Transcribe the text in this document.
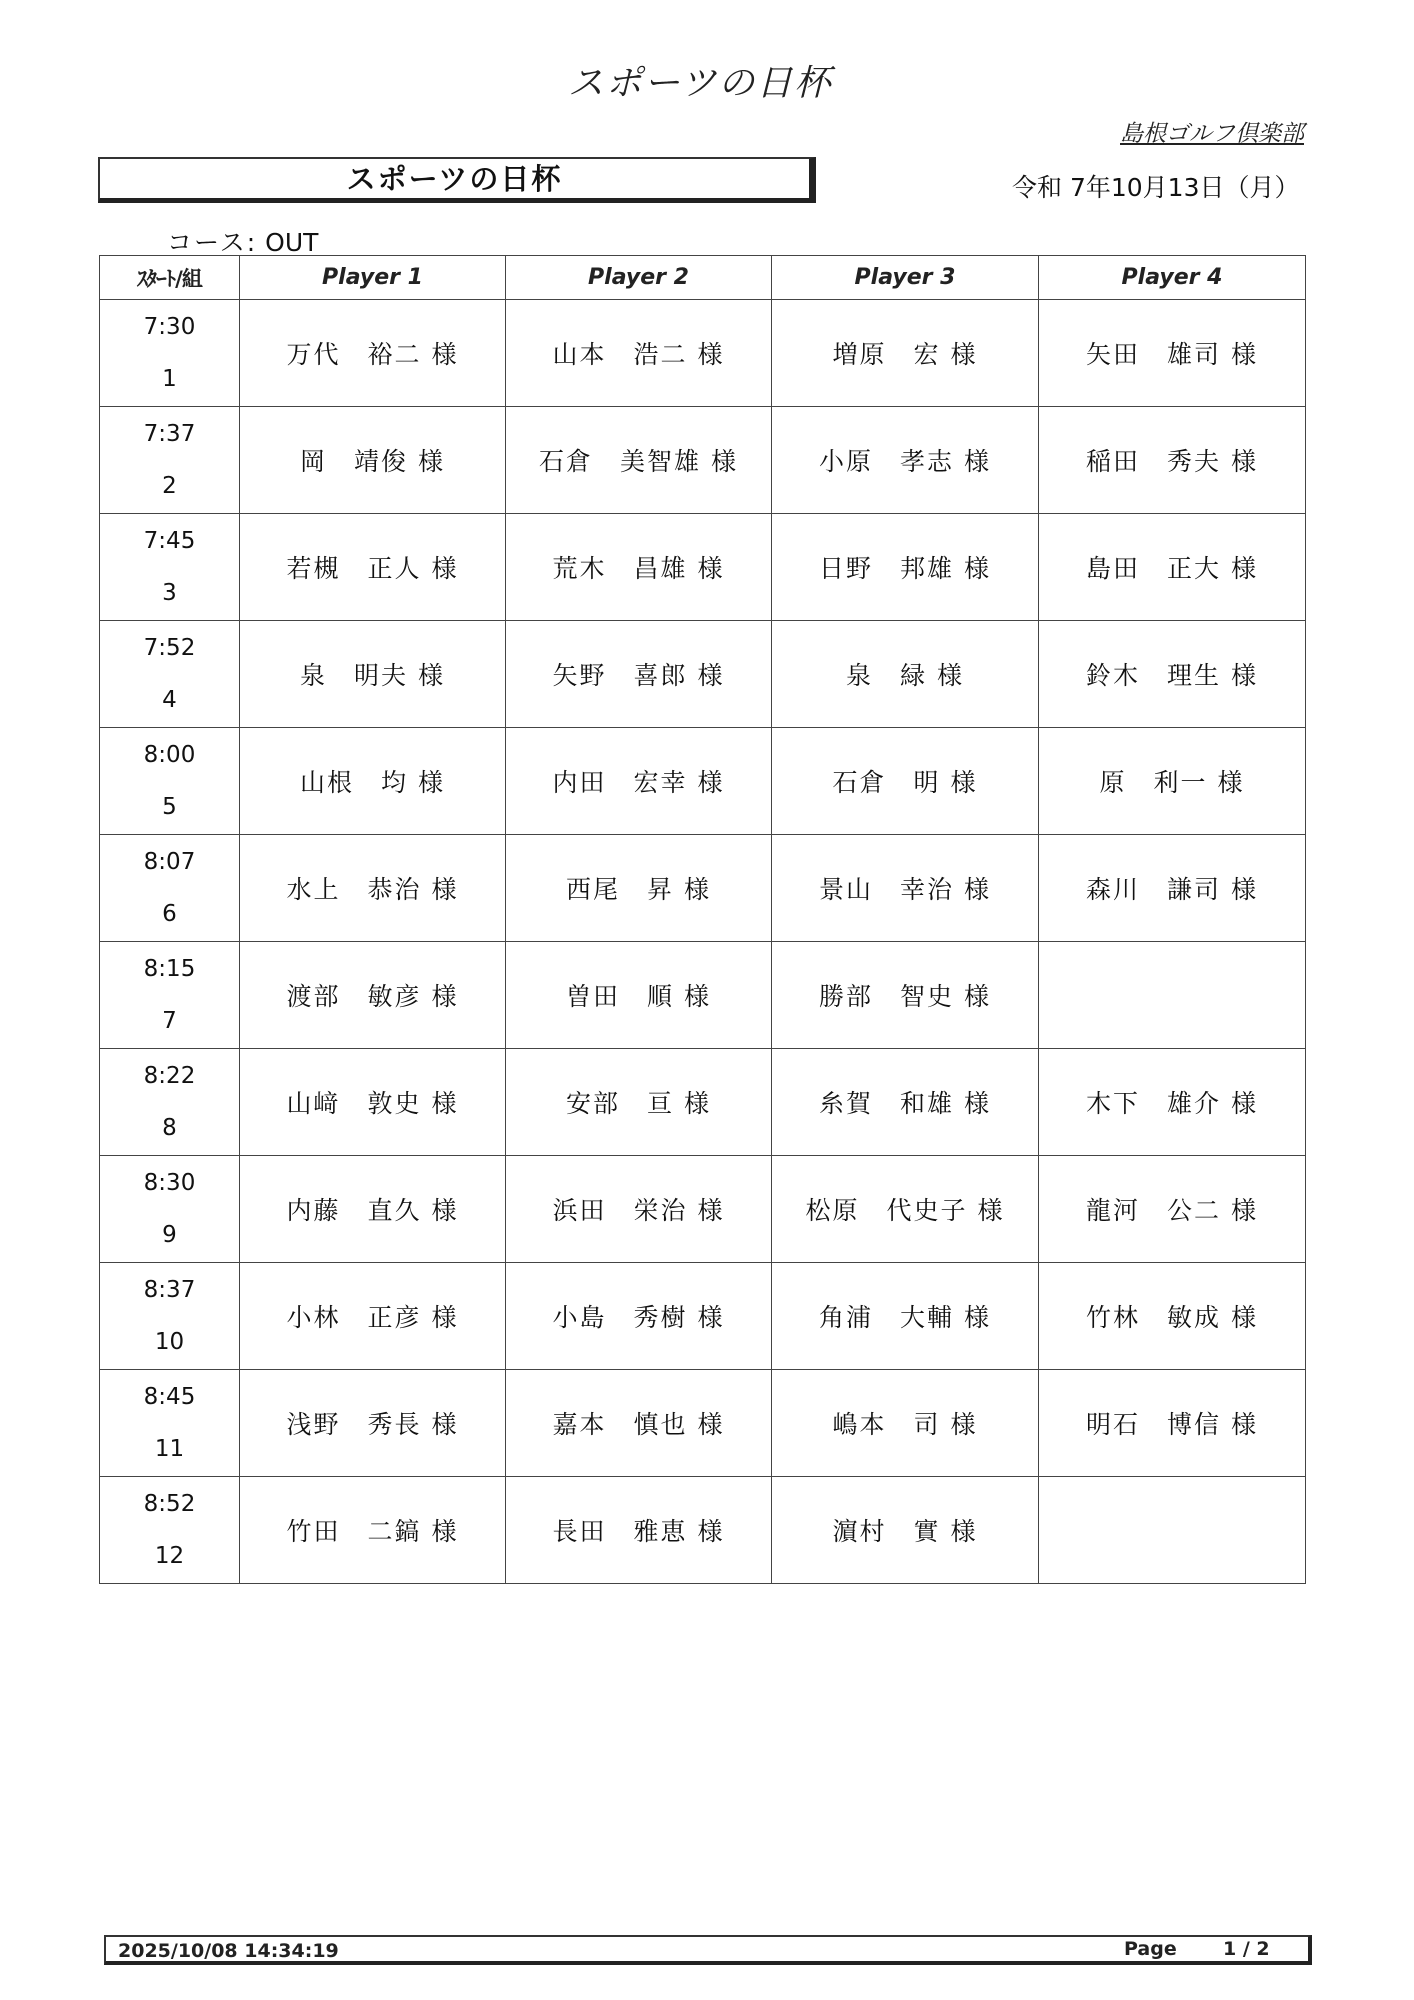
スポーツの日杯
島根ゴルフ倶楽部
スポーツの日杯	令和 7年10月13日（月）
コース: OUT
ｽﾀｰﾄ/組	Player 1	Player 2	Player 3	Player 4

7:30
1	万代　裕二 様	山本　浩二 様	増原　宏 様	矢田　雄司 様

7:37
2	岡　靖俊 様	石倉　美智雄 様	小原　孝志 様	稲田　秀夫 様

7:45
3	若槻　正人 様	荒木　昌雄 様	日野　邦雄 様	島田　正大 様

7:52
4	泉　明夫 様	矢野　喜郎 様	泉　緑 様	鈴木　理生 様

8:00
5	山根　均 様	内田　宏幸 様	石倉　明 様	原　利一 様

8:07
6	水上　恭治 様	西尾　昇 様	景山　幸治 様	森川　謙司 様

8:15
7	渡部　敏彦 様	曽田　順 様	勝部　智史 様	

8:22
8	山﨑　敦史 様	安部　亘 様	糸賀　和雄 様	木下　雄介 様

8:30
9	内藤　直久 様	浜田　栄治 様	松原　代史子 様	龍河　公二 様

8:37
10	小林　正彦 様	小島　秀樹 様	角浦　大輔 様	竹林　敏成 様

8:45
11	浅野　秀長 様	嘉本　慎也 様	嶋本　司 様	明石　博信 様

8:52
12	竹田　二鎬 様	長田　雅恵 様	濵村　實 様	
2025/10/08 14:34:19	Page 1 / 2
